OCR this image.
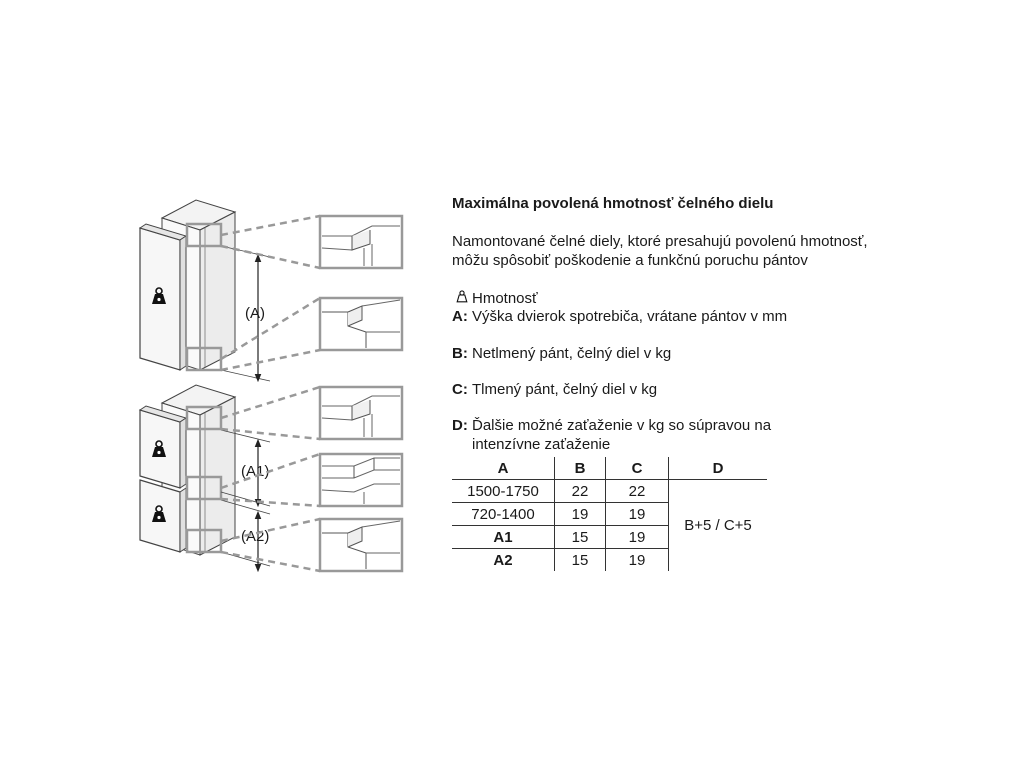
(A)
(A1)
(A2)
Maximálna povolená hmotnosť čelného dielu
Namontované čelné diely, ktoré presahujú povolenú hmotnosť, môžu spôsobiť poškodenie a funkčnú poruchu pántov
Hmotnosť
A: Výška dvierok spotrebiča, vrátane pántov v mm
B: Netlmený pánt, čelný diel v kg
C: Tlmený pánt, čelný diel v kg
D: Ďalšie možné zaťaženie v kg so súpravou na
intenzívne zaťaženie
A	B	C	D
1500-1750	22	22	B+5 / C+5
720-1400	19	19	
A1	15	19	
A2	15	19	
